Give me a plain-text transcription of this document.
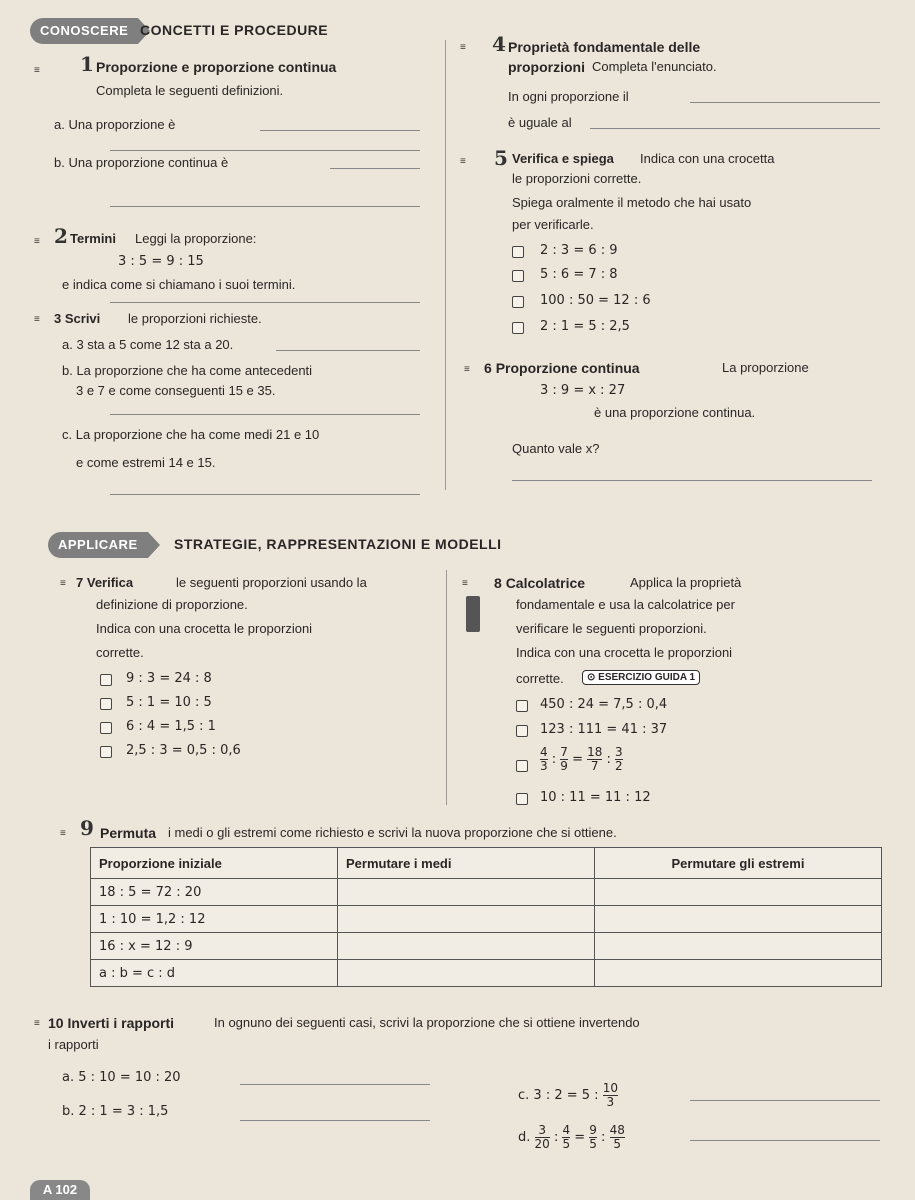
CONOSCERE CONCETTI E PROCEDURE
≡ 1 Proporzione e proporzione continua
Completa le seguenti definizioni.
a. Una proporzione è
b. Una proporzione continua è
≡ 2 Termini Leggi la proporzione:
3 : 5 = 9 : 15
e indica come si chiamano i suoi termini.
≡ 3 Scrivi le proporzioni richieste.
a. 3 sta a 5 come 12 sta a 20.
b. La proporzione che ha come antecedenti
3 e 7 e come conseguenti 15 e 35.
c. La proporzione che ha come medi 21 e 10
e come estremi 14 e 15.
≡ 4 Proprietà fondamentale delle
proporzioni Completa l'enunciato.
In ogni proporzione il
è uguale al
≡ 5 Verifica e spiega Indica con una crocetta
le proporzioni corrette.
Spiega oralmente il metodo che hai usato
per verificarle.
2 : 3 = 6 : 9
5 : 6 = 7 : 8
100 : 50 = 12 : 6
2 : 1 = 5 : 2,5
≡ 6 Proporzione continua	La proporzione
3 : 9 = x : 27
è una proporzione continua.
Quanto vale x?
APPLICARE	STRATEGIE, RAPPRESENTAZIONI E MODELLI
≡ 7 Verifica	le seguenti proporzioni usando la
definizione di proporzione.
Indica con una crocetta le proporzioni
corrette.
9 : 3 = 24 : 8
5 : 1 = 10 : 5
6 : 4 = 1,5 : 1
2,5 : 3 = 0,5 : 0,6
≡ 8 Calcolatrice	Applica la proprietà
fondamentale e usa la calcolatrice per
verificare le seguenti proporzioni.
Indica con una crocetta le proporzioni
corrette.	⊙ ESERCIZIO GUIDA 1
450 : 24 = 7,5 : 0,4
123 : 111 = 41 : 37
$\frac{4}{3}$ : $\frac{7}{9} = \frac{18}{7}$ : $\frac{3}{2}$
10 : 11 = 11 : 12
≡ 9 Permuta i medi o gli estremi come richiesto e scrivi la nuova proporzione che si ottiene.
Proporzione iniziale	Permutare i medi	Permutare gli estremi
18 : 5 = 72 : 20		
1 : 10 = 1,2 : 12		
16 : x = 12 : 9		
a : b = c : d		
≡ 10 Inverti i rapporti	In ognuno dei seguenti casi, scrivi la proporzione che si ottiene invertendo
i rapporti
a. 5 : 10 = 10 : 20
b. 2 : 1 = 3 : 1,5
c. 3 : 2 = 5 : $\frac{10}{3}$
d. $\frac{3}{20}$ : $\frac{4}{5} = \frac{9}{5}$ : $\frac{48}{5}$
A 102
